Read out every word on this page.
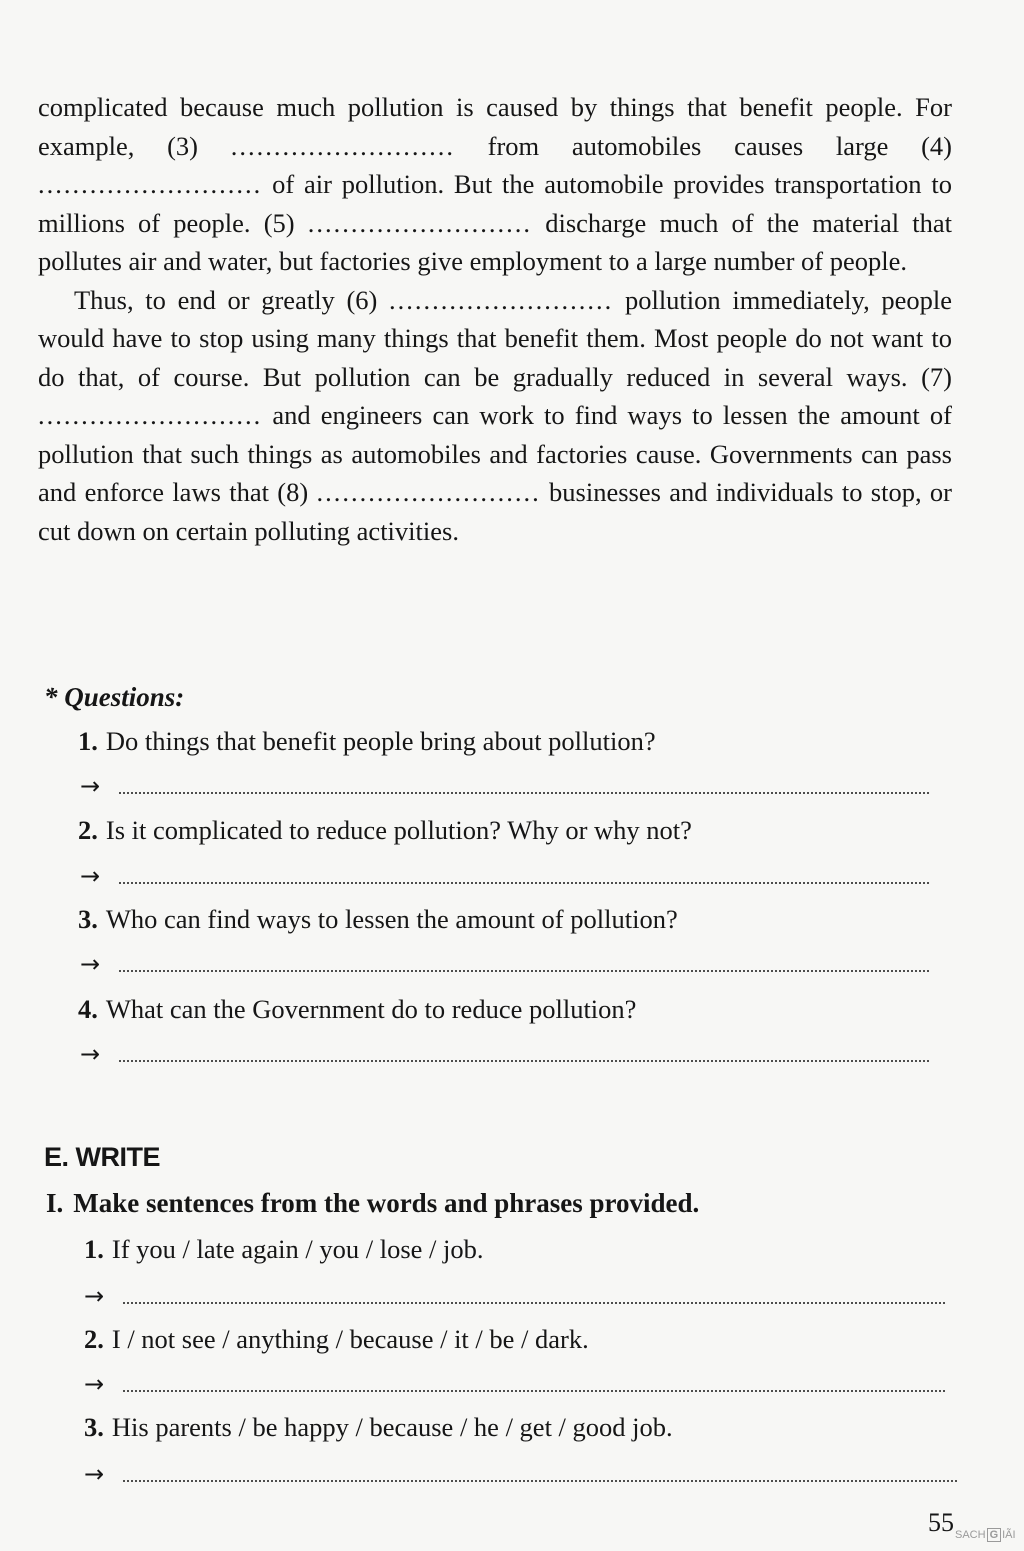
complicated because much pollution is caused by things that benefit people. For example, (3) .......................... from automobiles causes large (4) .......................... of air pollution. But the automobile provides transportation to millions of people. (5) .......................... discharge much of the material that pollutes air and water, but factories give employment to a large number of people.

Thus, to end or greatly (6) .......................... pollution immediately, people would have to stop using many things that benefit them. Most people do not want to do that, of course. But pollution can be gradually reduced in several ways. (7) .......................... and engineers can work to find ways to lessen the amount of pollution that such things as automobiles and factories cause. Governments can pass and enforce laws that (8) .......................... businesses and individuals to stop, or cut down on certain polluting activities.

* Questions:
1. Do things that benefit people bring about pollution?
→
2. Is it complicated to reduce pollution? Why or why not?
→
3. Who can find ways to lessen the amount of pollution?
→
4. What can the Government do to reduce pollution?
→
E. WRITE
I. Make sentences from the words and phrases provided.
1. If you / late again / you / lose / job.
→
2. I / not see / anything / because / it / be / dark.
→
3. His parents / be happy / because / he / get / good job.
→
55 SACH G IÃI
